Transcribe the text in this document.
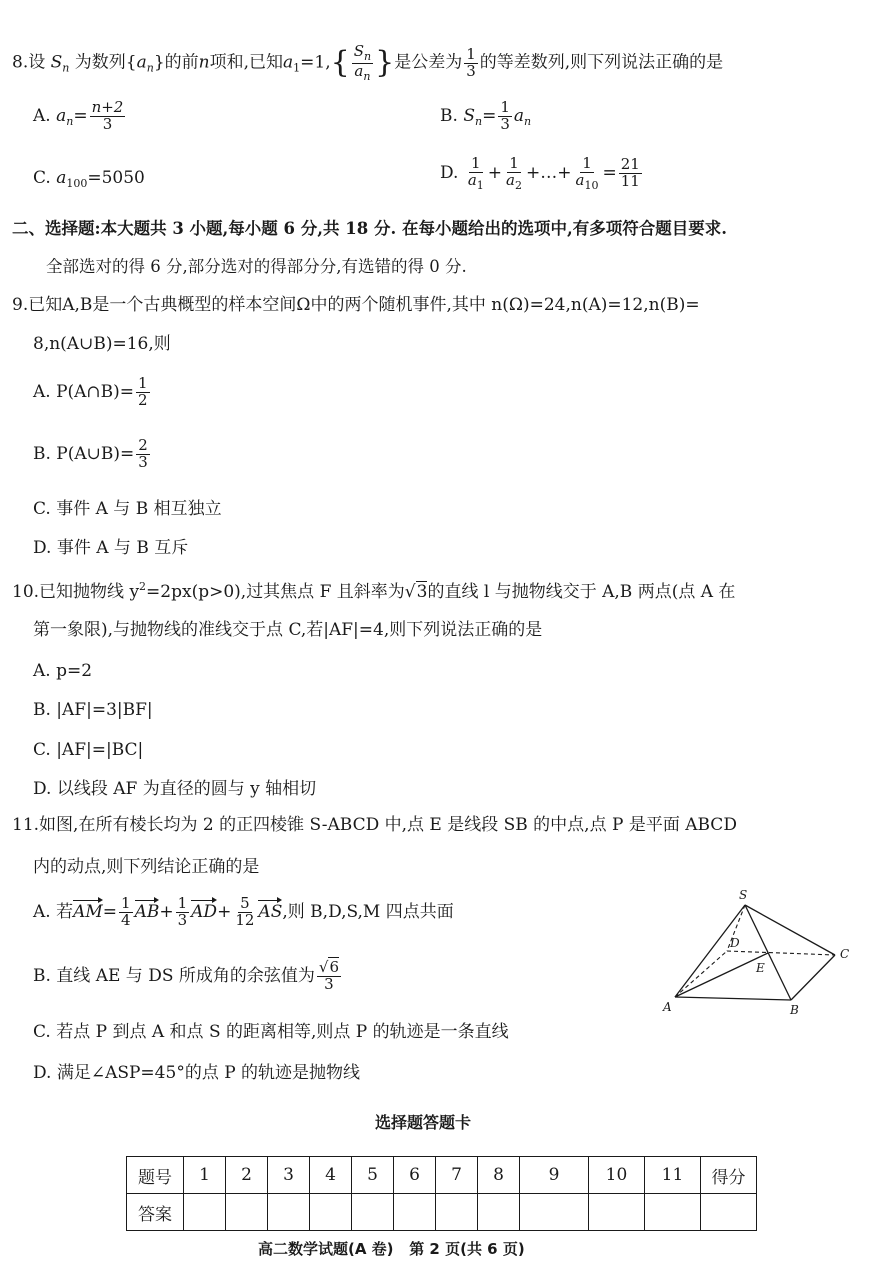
8.设 $S_n$ 为数列$\{a_n\}$的前n项和,已知$a_1=1,\{ \frac{S_n}{a_n}$ }是公差为 $\frac{1}{3}$ 的等差数列,则下列说法正确的是
A. $a_n= \frac{n+2}{3}$	B. $S_n= \frac{1}{3} a_n$
C. $a_{100}=5050$	D. $\frac{1}{a_1} + \frac{1}{a_2}$ +…+ $\frac{1}{a_{10}} = \frac{21}{11}$
二、选择题:本大题共 3 小题,每小题 6 分,共 18 分. 在每小题给出的选项中,有多项符合题目要求.
全部选对的得 6 分,部分选对的得部分分,有选错的得 0 分.
9.已知A,B是一个古典概型的样本空间Ω中的两个随机事件,其中 n(Ω)=24,n(A)=12,n(B)=
8,n(A∪B)=16,则
A. P(A∩B)= $\frac{1}{2}$
B. P(A∪B)= $\frac{2}{3}$
C. 事件 A 与 B 相互独立
D. 事件 A 与 B 互斥
10.已知抛物线 $y^2=2px(p>0)$,过其焦点 F 且斜率为√3的直线 l 与抛物线交于 A,B 两点(点 A 在
第一象限),与抛物线的准线交于点 C,若|AF|=4,则下列说法正确的是
A. p=2
B. |AF|=3|BF|
C. |AF|=|BC|
D. 以线段 AF 为直径的圆与 y 轴相切
11.如图,在所有棱长均为 2 的正四棱锥 S-ABCD 中,点 E 是线段 SB 的中点,点 P 是平面 ABCD
内的动点,则下列结论正确的是
A. 若$AM= \frac{1}{4} AB+ \frac{1}{3} AD+ \frac{5}{12}$ AS,则 B,D,S,M 四点共面
B. 直线 AE 与 DS 所成角的余弦值为 $\frac{√6}{3}$
C. 若点 P 到点 A 和点 S 的距离相等,则点 P 的轨迹是一条直线
D. 满足∠ASP=45°的点 P 的轨迹是抛物线
S
D
C
E
A	B
选择题答题卡
题号	1	2	3	4	5	6	7	8	9	10	11	得分
答案												
高二数学试题(A 卷)   第 2 页(共 6 页)
